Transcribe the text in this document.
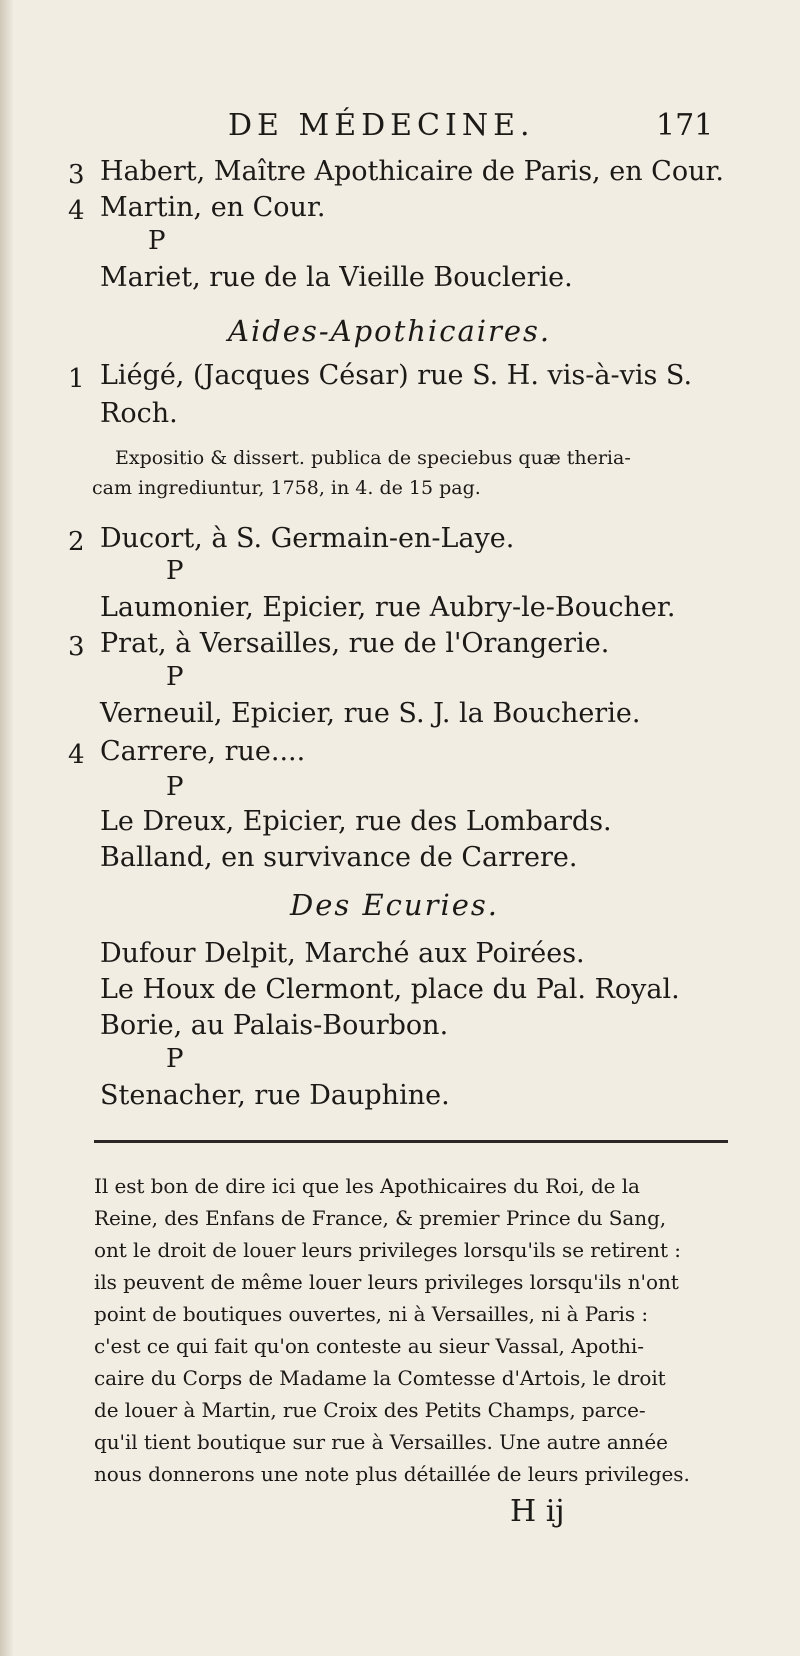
DE MÉDECINE.	171
3 Habert, Maître Apothicaire de Paris, en Cour.
4 Martin, en Cour.
P
Mariet, rue de la Vieille Bouclerie.
Aides-Apothicaires.
1 Liégé, (Jacques César) rue S. H. vis-à-vis S.
Roch.
Expositio & dissert. publica de speciebus quæ theria-
cam ingrediuntur, 1758, in 4. de 15 pag.
2 Ducort, à S. Germain-en-Laye.
P
Laumonier, Epicier, rue Aubry-le-Boucher.
3 Prat, à Versailles, rue de l'Orangerie.
P
Verneuil, Epicier, rue S. J. la Boucherie.
4 Carrere, rue....
P
Le Dreux, Epicier, rue des Lombards.
Balland, en survivance de Carrere.
Des Ecuries.
Dufour Delpit, Marché aux Poirées.
Le Houx de Clermont, place du Pal. Royal.
Borie, au Palais-Bourbon.
P
Stenacher, rue Dauphine.
Il est bon de dire ici que les Apothicaires du Roi, de la
Reine, des Enfans de France, & premier Prince du Sang,
ont le droit de louer leurs privileges lorsqu'ils se retirent :
ils peuvent de même louer leurs privileges lorsqu'ils n'ont
point de boutiques ouvertes, ni à Versailles, ni à Paris :
c'est ce qui fait qu'on conteste au sieur Vassal, Apothi-
caire du Corps de Madame la Comtesse d'Artois, le droit
de louer à Martin, rue Croix des Petits Champs, parce-
qu'il tient boutique sur rue à Versailles. Une autre année
nous donnerons une note plus détaillée de leurs privileges.
H ij
